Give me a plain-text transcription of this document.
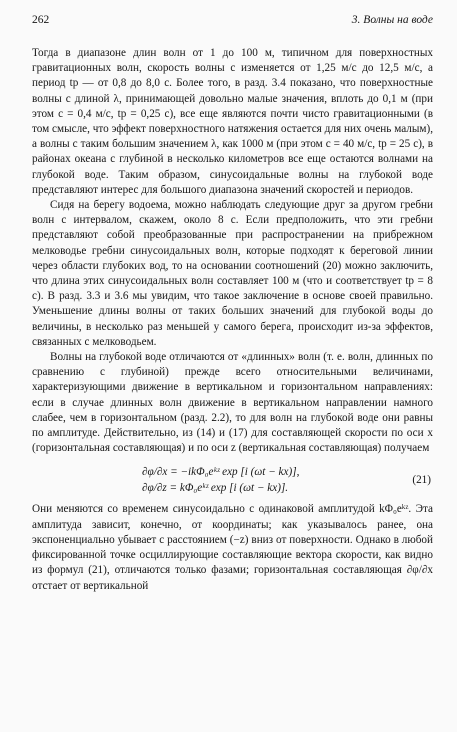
262	3. Волны на воде

Тогда в диапазоне длин волн от 1 до 100 м, типичном для поверхностных гравитационных волн, скорость волны c изменяется от 1,25 м/с до 12,5 м/с, а период tp — от 0,8 до 8,0 с. Более того, в разд. 3.4 показано, что поверхностные волны с длиной λ, принимающей довольно малые значения, вплоть до 0,1 м (при этом c = 0,4 м/с, tp = 0,25 с), все еще являются почти чисто гравитационными (в том смысле, что эффект поверхностного натяжения остается для них очень малым), а волны с таким большим значением λ, как 1000 м (при этом c = 40 м/с, tp = 25 с), в районах океана с глубиной в несколько километров все еще остаются волнами на глубокой воде. Таким образом, синусоидальные волны на глубокой воде представляют интерес для большого диапазона значений скоростей и периодов.

Сидя на берегу водоема, можно наблюдать следующие друг за другом гребни волн с интервалом, скажем, около 8 с. Если предположить, что эти гребни представляют собой преобразованные при распространении на прибрежном мелководье гребни синусоидальных волн, которые подходят к береговой линии через области глубоких вод, то на основании соотношений (20) можно заключить, что длина этих синусоидальных волн составляет 100 м (что и соответствует tp = 8 с). В разд. 3.3 и 3.6 мы увидим, что такое заключение в основе своей правильно. Уменьшение длины волны от таких больших значений для глубокой воды до величины, в несколько раз меньшей у самого берега, происходит из-за эффектов, связанных с мелководьем.

Волны на глубокой воде отличаются от «длинных» волн (т. е. волн, длинных по сравнению с глубиной) прежде всего относительными величинами, характеризующими движение в вертикальном и горизонтальном направлениях: если в случае длинных волн движение в вертикальном направлении намного слабее, чем в горизонтальном (разд. 2.2), то для волн на глубокой воде они равны по амплитуде. Действительно, из (14) и (17) для составляющей скорости по оси x (горизонтальная составляющая) и по оси z (вертикальная составляющая) получаем

∂φ/∂x = −ikΦ₀eᵏᶻ exp [i (ωt − kx)],
∂φ/∂z = kΦ₀eᵏᶻ exp [i (ωt − kx)].
(21)

Они меняются со временем синусоидально с одинаковой амплитудой kΦ₀eᵏᶻ. Эта амплитуда зависит, конечно, от координаты; как указывалось ранее, она экспоненциально убывает с расстоянием (−z) вниз от поверхности. Однако в любой фиксированной точке осциллирующие составляющие вектора скорости, как видно из формул (21), отличаются только фазами; горизонтальная составляющая ∂φ/∂x отстает от вертикальной
